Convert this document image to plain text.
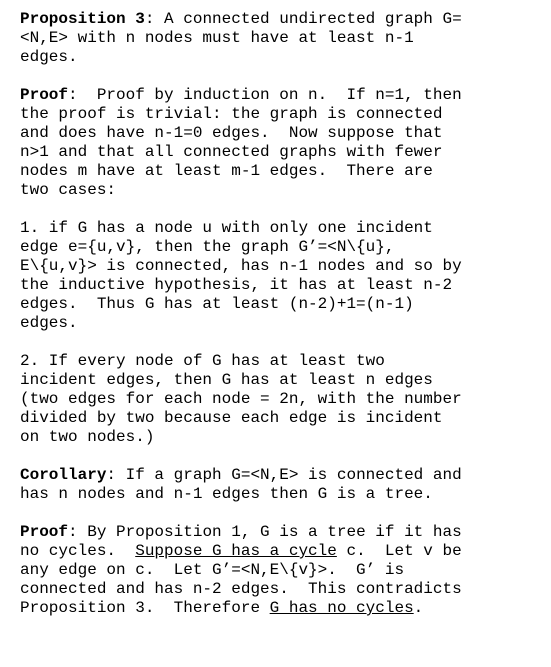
Proposition 3: A connected undirected graph G=
<N,E> with n nodes must have at least n-1
edges.

Proof:  Proof by induction on n.  If n=1, then
the proof is trivial: the graph is connected
and does have n-1=0 edges.  Now suppose that
n>1 and that all connected graphs with fewer
nodes m have at least m-1 edges.  There are
two cases:

1. if G has a node u with only one incident
edge e={u,v}, then the graph G’=<N\{u},
E\{u,v}> is connected, has n-1 nodes and so by
the inductive hypothesis, it has at least n-2
edges.  Thus G has at least (n-2)+1=(n-1)
edges.

2. If every node of G has at least two
incident edges, then G has at least n edges
(two edges for each node = 2n, with the number
divided by two because each edge is incident
on two nodes.)

Corollary: If a graph G=<N,E> is connected and
has n nodes and n-1 edges then G is a tree.

Proof: By Proposition 1, G is a tree if it has
no cycles.  Suppose G has a cycle c.  Let v be
any edge on c.  Let G’=<N,E\{v}>.  G’ is
connected and has n-2 edges.  This contradicts
Proposition 3.  Therefore G has no cycles.
